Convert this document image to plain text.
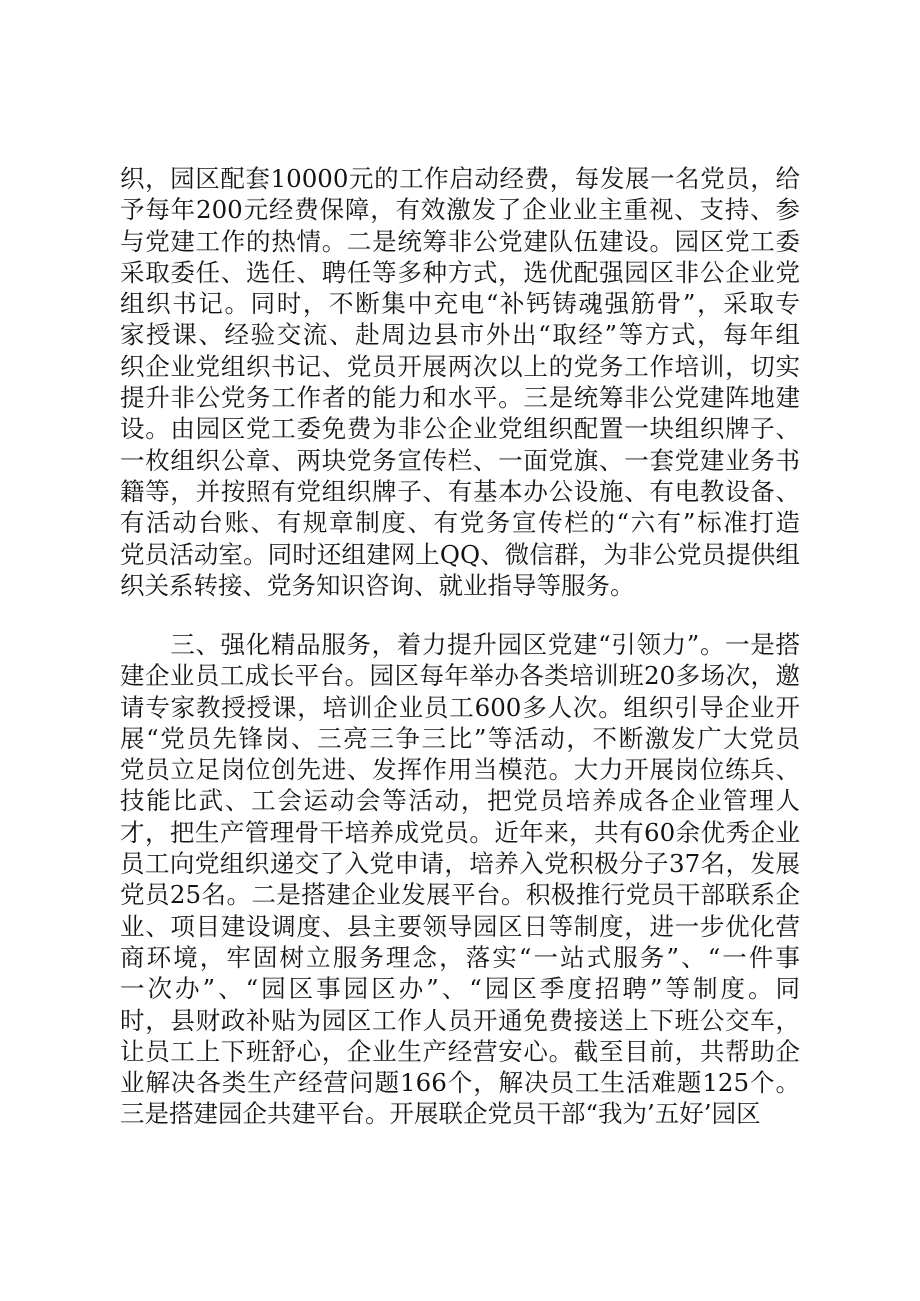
织，园区配套10000元的工作启动经费，每发展一名党员，给
予每年200元经费保障，有效激发了企业业主重视、支持、参
与党建工作的热情。二是统筹非公党建队伍建设。园区党工委
采取委任、选任、聘任等多种方式，选优配强园区非公企业党
组织书记。同时，不断集中充电“补钙铸魂强筋骨”，采取专
家授课、经验交流、赴周边县市外出“取经”等方式，每年组
织企业党组织书记、党员开展两次以上的党务工作培训，切实
提升非公党务工作者的能力和水平。三是统筹非公党建阵地建
设。由园区党工委免费为非公企业党组织配置一块组织牌子、
一枚组织公章、两块党务宣传栏、一面党旗、一套党建业务书
籍等，并按照有党组织牌子、有基本办公设施、有电教设备、
有活动台账、有规章制度、有党务宣传栏的“六有”标准打造
党员活动室。同时还组建网上QQ、微信群，为非公党员提供组
织关系转接、党务知识咨询、就业指导等服务。
　　三、强化精品服务，着力提升园区党建“引领力”。一是搭
建企业员工成长平台。园区每年举办各类培训班20多场次，邀
请专家教授授课，培训企业员工600多人次。组织引导企业开
展“党员先锋岗、三亮三争三比”等活动，不断激发广大党员
党员立足岗位创先进、发挥作用当模范。大力开展岗位练兵、
技能比武、工会运动会等活动，把党员培养成各企业管理人
才，把生产管理骨干培养成党员。近年来，共有60余优秀企业
员工向党组织递交了入党申请，培养入党积极分子37名，发展
党员25名。二是搭建企业发展平台。积极推行党员干部联系企
业、项目建设调度、县主要领导园区日等制度，进一步优化营
商环境，牢固树立服务理念，落实“一站式服务”、“一件事
一次办”、“园区事园区办”、“园区季度招聘”等制度。同
时，县财政补贴为园区工作人员开通免费接送上下班公交车，
让员工上下班舒心，企业生产经营安心。截至目前，共帮助企
业解决各类生产经营问题166个，解决员工生活难题125个。
三是搭建园企共建平台。开展联企党员干部“我为’五好’园区
